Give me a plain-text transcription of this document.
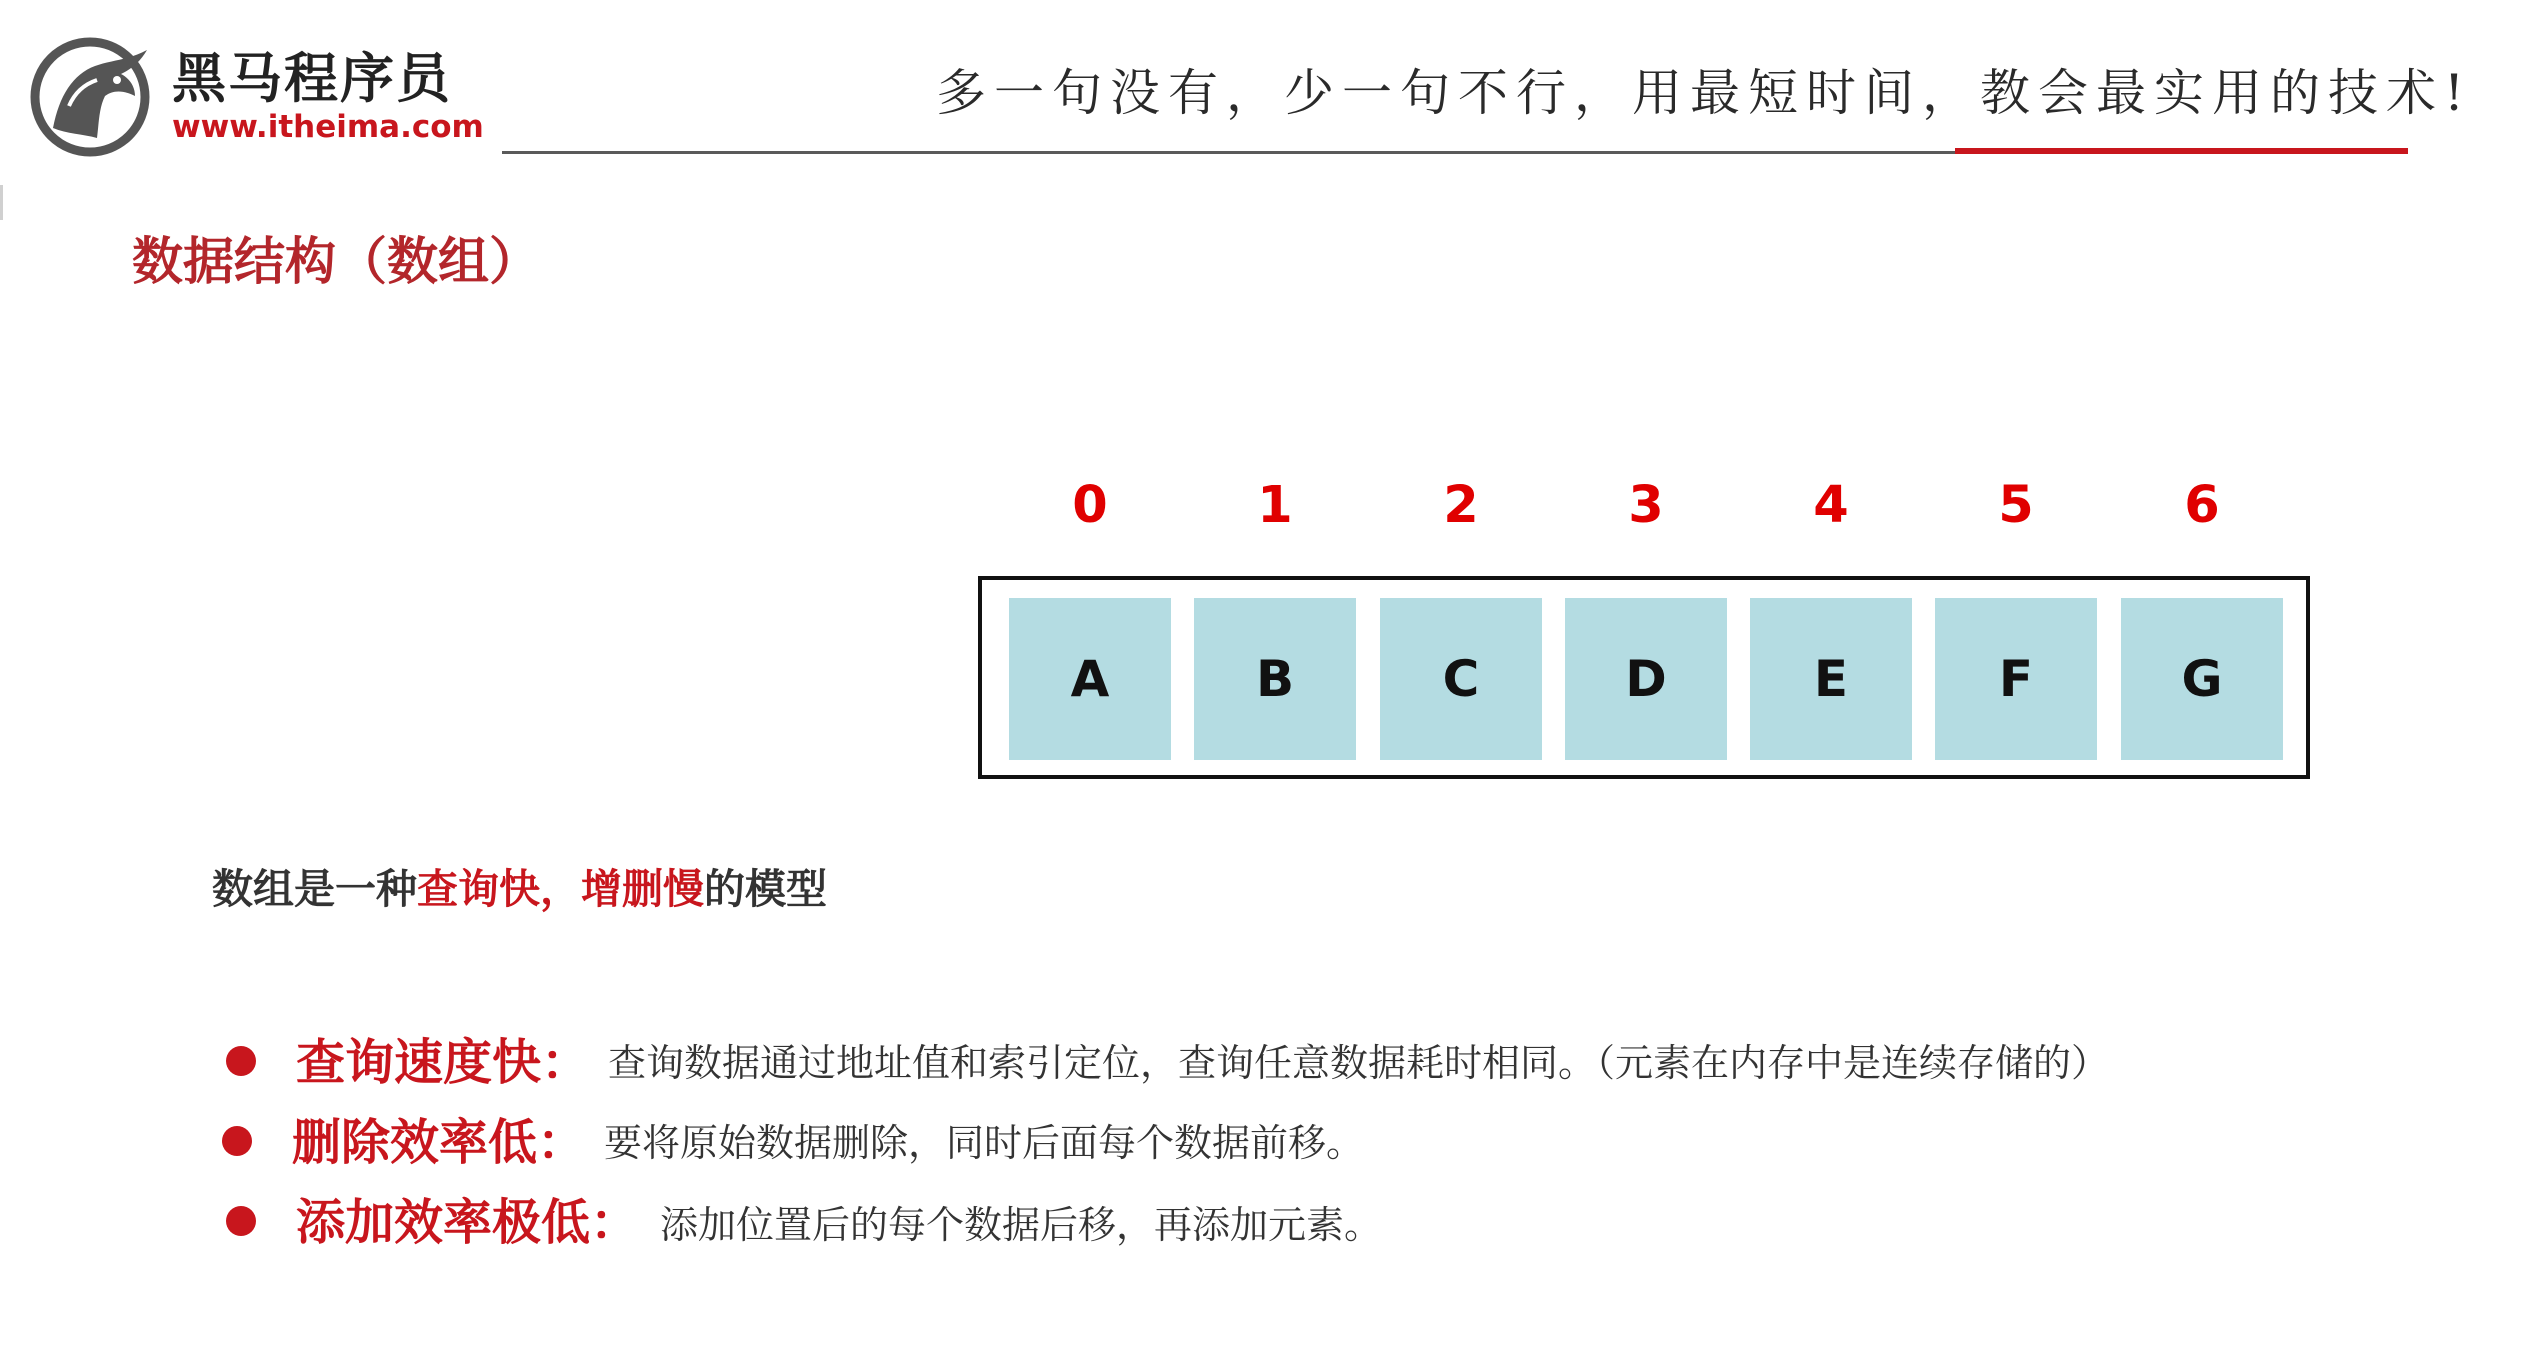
黑马程序员
www.itheima.com
多一句没有，少一句不行，用最短时间，教会最实用的技术!
数据结构（数组）
0	1	2	3	4	5	6
A	B	C	D	E	F	G
数组是一种查询快，增删慢的模型
查询速度快： 查询数据通过地址值和索引定位，查询任意数据耗时相同。（元素在内存中是连续存储的）
删除效率低： 要将原始数据删除，同时后面每个数据前移。
添加效率极低： 添加位置后的每个数据后移，再添加元素。
